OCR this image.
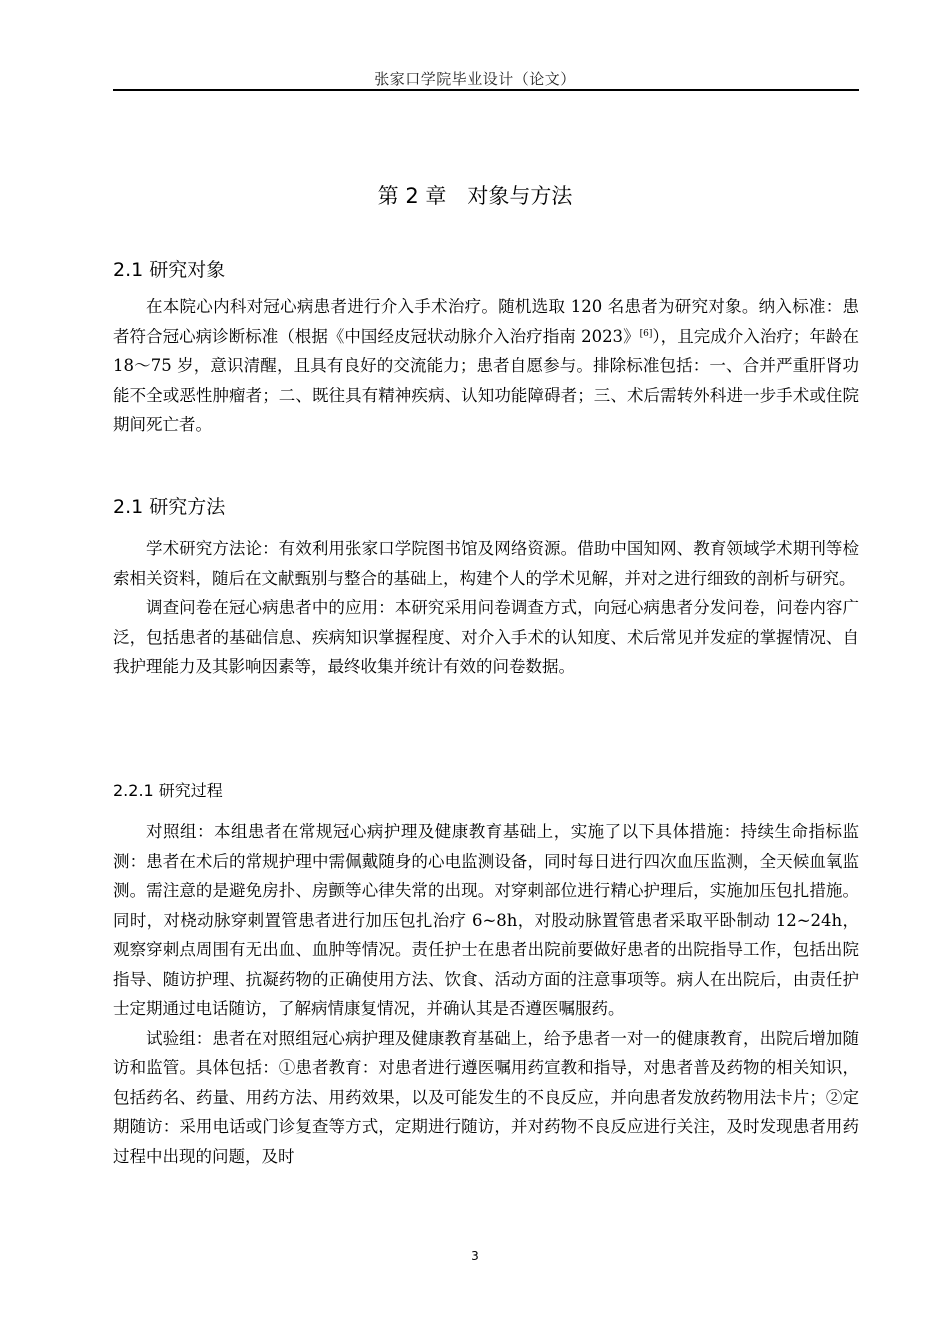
张家口学院毕业设计（论文）
第 2 章　对象与方法
2.1 研究对象

在本院心内科对冠心病患者进行介入手术治疗。随机选取 120 名患者为研究对象。纳入标准：患者符合冠心病诊断标准（根据《中国经皮冠状动脉介入治疗指南 2023》[6]），且完成介入治疗；年龄在 18～75 岁，意识清醒，且具有良好的交流能力；患者自愿参与。排除标准包括：一、合并严重肝肾功能不全或恶性肿瘤者；二、既往具有精神疾病、认知功能障碍者；三、术后需转外科进一步手术或住院期间死亡者。

2.1 研究方法

学术研究方法论：有效利用张家口学院图书馆及网络资源。借助中国知网、教育领域学术期刊等检索相关资料，随后在文献甄别与整合的基础上，构建个人的学术见解，并对之进行细致的剖析与研究。

调查问卷在冠心病患者中的应用：本研究采用问卷调查方式，向冠心病患者分发问卷，问卷内容广泛，包括患者的基础信息、疾病知识掌握程度、对介入手术的认知度、术后常见并发症的掌握情况、自我护理能力及其影响因素等，最终收集并统计有效的问卷数据。

2.2.1 研究过程

对照组：本组患者在常规冠心病护理及健康教育基础上，实施了以下具体措施：持续生命指标监测：患者在术后的常规护理中需佩戴随身的心电监测设备，同时每日进行四次血压监测，全天候血氧监测。需注意的是避免房扑、房颤等心律失常的出现。对穿刺部位进行精心护理后，实施加压包扎措施。同时，对桡动脉穿刺置管患者进行加压包扎治疗 6~8h，对股动脉置管患者采取平卧制动 12~24h，观察穿刺点周围有无出血、血肿等情况。责任护士在患者出院前要做好患者的出院指导工作，包括出院指导、随访护理、抗凝药物的正确使用方法、饮食、活动方面的注意事项等。病人在出院后，由责任护士定期通过电话随访，了解病情康复情况，并确认其是否遵医嘱服药。

试验组：患者在对照组冠心病护理及健康教育基础上，给予患者一对一的健康教育，出院后增加随访和监管。具体包括：①患者教育：对患者进行遵医嘱用药宣教和指导，对患者普及药物的相关知识，包括药名、药量、用药方法、用药效果，以及可能发生的不良反应，并向患者发放药物用法卡片；②定期随访：采用电话或门诊复查等方式，定期进行随访，并对药物不良反应进行关注，及时发现患者用药过程中出现的问题，及时

3
